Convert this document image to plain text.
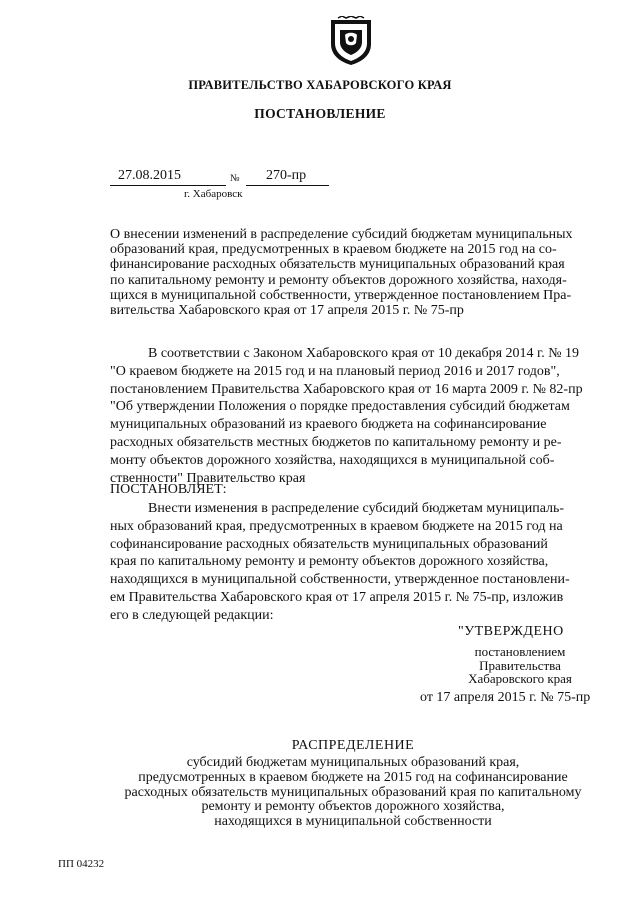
ПРАВИТЕЛЬСТВО ХАБАРОВСКОГО КРАЯ
ПОСТАНОВЛЕНИЕ
27.08.2015	№ 270-пр
г. Хабаровск
О внесении изменений в распределение субсидий бюджетам муниципальных
образований края, предусмотренных в краевом бюджете на 2015 год на со-
финансирование расходных обязательств муниципальных образований края
по капитальному ремонту и ремонту объектов дорожного хозяйства, находя-
щихся в муниципальной собственности, утвержденное постановлением Пра-
вительства Хабаровского края от 17 апреля 2015 г. № 75-пр
В соответствии с Законом Хабаровского края от 10 декабря 2014 г. № 19
"О краевом бюджете на 2015 год и на плановый период 2016 и 2017 годов",
постановлением Правительства Хабаровского края от 16 марта 2009 г. № 82-пр
"Об утверждении Положения о порядке предоставления субсидий бюджетам
муниципальных образований из краевого бюджета на софинансирование
расходных обязательств местных бюджетов по капитальному ремонту и ре-
монту объектов дорожного хозяйства, находящихся в муниципальной соб-
ственности" Правительство края
ПОСТАНОВЛЯЕТ:
Внести изменения в распределение субсидий бюджетам муниципаль-
ных образований края, предусмотренных в краевом бюджете на 2015 год на
софинансирование расходных обязательств муниципальных образований
края по капитальному ремонту и ремонту объектов дорожного хозяйства,
находящихся в муниципальной собственности, утвержденное постановлени-
ем Правительства Хабаровского края от 17 апреля 2015 г. № 75-пр, изложив
его в следующей редакции:
"УТВЕРЖДЕНО
постановлением
Правительства
Хабаровского края
от 17 апреля 2015 г. № 75-пр
РАСПРЕДЕЛЕНИЕ
субсидий бюджетам муниципальных образований края,
предусмотренных в краевом бюджете на 2015 год на софинансирование
расходных обязательств муниципальных образований края по капитальному
ремонту и ремонту объектов дорожного хозяйства,
находящихся в муниципальной собственности
ПП 04232
